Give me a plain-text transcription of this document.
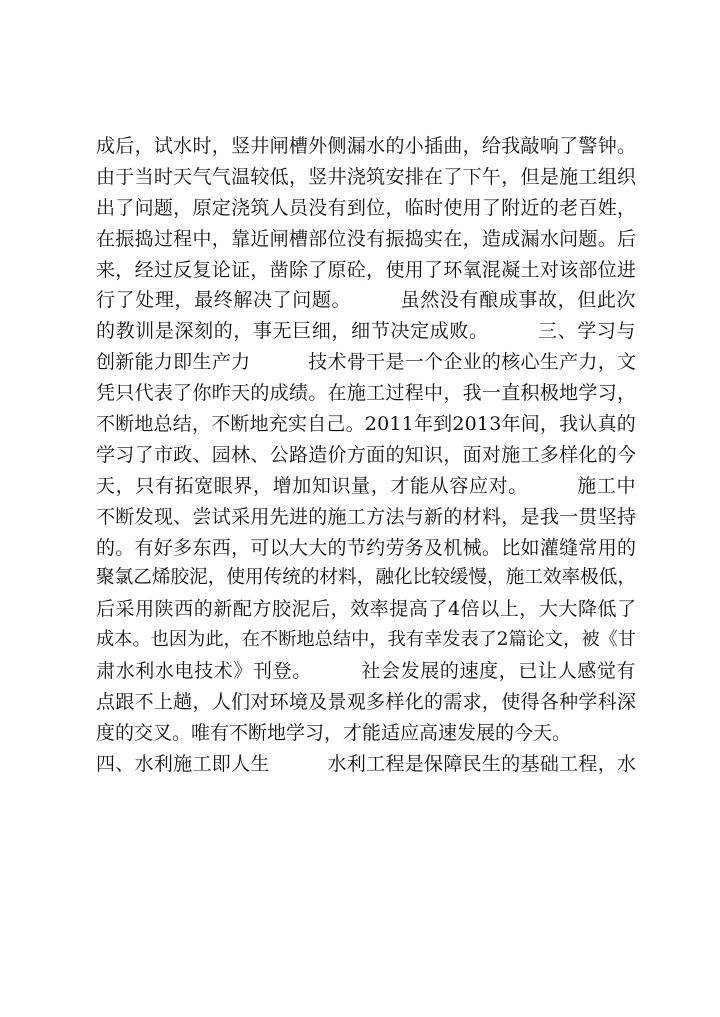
成后，试水时，竖井闸槽外侧漏水的小插曲，给我敲响了警钟。
由于当时天气气温较低，竖井浇筑安排在了下午，但是施工组织
出了问题，原定浇筑人员没有到位，临时使用了附近的老百姓，
在振捣过程中，靠近闸槽部位没有振捣实在，造成漏水问题。后
来，经过反复论证，凿除了原砼，使用了环氧混凝土对该部位进
行了处理，最终解决了问题。　　　虽然没有酿成事故，但此次
的教训是深刻的，事无巨细，细节决定成败。　　　三、学习与
创新能力即生产力　　　技术骨干是一个企业的核心生产力，文
凭只代表了你昨天的成绩。在施工过程中，我一直积极地学习，
不断地总结，不断地充实自己。2011年到2013年间，我认真的
学习了市政、园林、公路造价方面的知识，面对施工多样化的今
天，只有拓宽眼界，增加知识量，才能从容应对。　　　施工中
不断发现、尝试采用先进的施工方法与新的材料，是我一贯坚持
的。有好多东西，可以大大的节约劳务及机械。比如灌缝常用的
聚氯乙烯胶泥，使用传统的材料，融化比较缓慢，施工效率极低，
后采用陕西的新配方胶泥后，效率提高了4倍以上，大大降低了
成本。也因为此，在不断地总结中，我有幸发表了2篇论文，被《甘
肃水利水电技术》刊登。　　　社会发展的速度，已让人感觉有
点跟不上趟，人们对环境及景观多样化的需求，使得各种学科深
度的交叉。唯有不断地学习，才能适应高速发展的今天。
四、水利施工即人生　　　水利工程是保障民生的基础工程，水
